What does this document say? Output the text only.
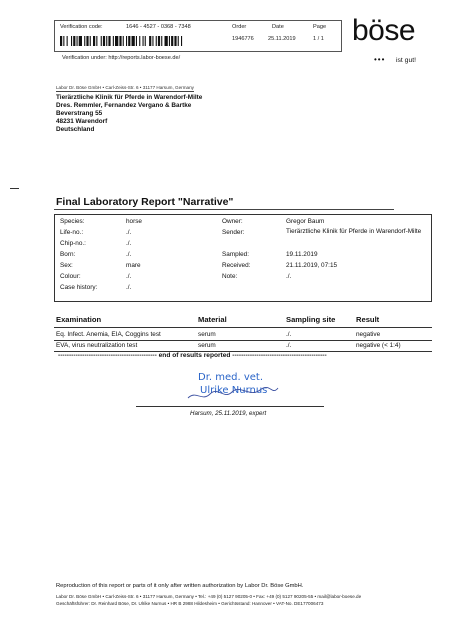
Verification code:	1646 - 4527 - 0368 - 7348	Order
1946776
Date
25.11.2019
Page
1 / 1
Verification under: http://reports.labor-boese.de/
böse
••• ist gut!
Labor Dr. Böse GmbH • Carl-Zeiss-Str. 6 • 31177 Harsum, Germany
Tierärztliche Klinik für Pferde in Warendorf-Milte
Dres. Remmler, Fernandez Vergano & Bartke
Beverstrang 55
48231 Warendorf
Deutschland
Final Laboratory Report "Narrative"
Species:	horse
Life-no.:	./.
Chip-no.:	./.
Born:	./.
Sex:	mare
Colour:	./.
Case history:	./.
Owner:	Gregor Baum
Sender:	Tierärztliche Klinik für Pferde in Warendorf-Milte
Sampled:	19.11.2019
Received:	21.11.2019, 07:15
Note:	./.
Examination	Material	Sampling site	Result
Eq. Infect. Anemia, EIA, Coggins test	serum	./.	negative
EVA, virus neutralization test	serum	./.	negative (< 1:4)
--------------------------------------------- end of results reported -------------------------------------------
Dr. med. vet.
Ulrike Nurnus
Harsum, 25.11.2019, expert
Reproduction of this report or parts of it only after written authorization by Labor Dr. Böse GmbH.
Labor Dr. Böse GmbH • Carl-Zeiss-Str. 6 • 31177 Harsum, Germany • Tel.: +49 (0) 5127 90205-0 • Fax: +49 (0) 5127 90205-55 • mail@labor-boese.de
Geschäftsführer: Dr. Reinhard Böse, Dr. Ulrike Nurnus • HR B 2988 Hildesheim • Gerichtsstand: Hannover • VAT-No. DE177006473
